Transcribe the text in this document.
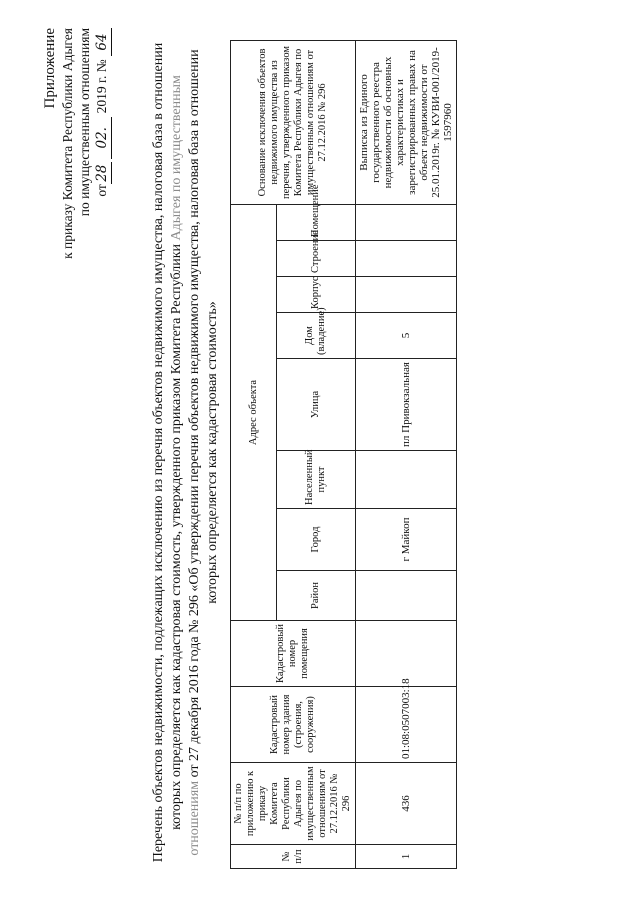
Приложение к приказу Комитета Республики Адыгея по имущественным отношениям от28 02. 2019 г. № 64
Перечень объектов недвижимости, подлежащих исключению из перечня объектов недвижимого имущества, налоговая база в отношении которых определяется как кадастровая стоимость, утвержденного приказом Комитета Республики Адыгея по имущественным отношениям от 27 декабря 2016 года № 296 «Об утверждении перечня объектов недвижимого имущества, налоговая база в отношении которых определяется как кадастровая стоимость»
№ п/п	№ п/п по приложению к приказу Комитета Республики Адыгея по имущественным отношениям от 27.12.2016 № 296	Кадастровый номер здания (строения, сооружения)	Кадастровый номер помещения	Адрес объекта								Основание исключения объектов недвижимого имущества из перечня, утвержденного приказом Комитета Республики Адыгея по имущественным отношениям от 27.12.2016 № 296
				Район	Город	Населенный пункт	Улица	Дом (владение)	Корпус	Строение	Помещение	
1	436	01:08:0507003:18			г Майкоп		пл Привокзальная	5				Выписка из Единого государственного реестра недвижимости об основных характеристиках и зарегистрированных правах на объект недвижимости от 25.01.2019г. № КУВИ-001/2019-1597960
